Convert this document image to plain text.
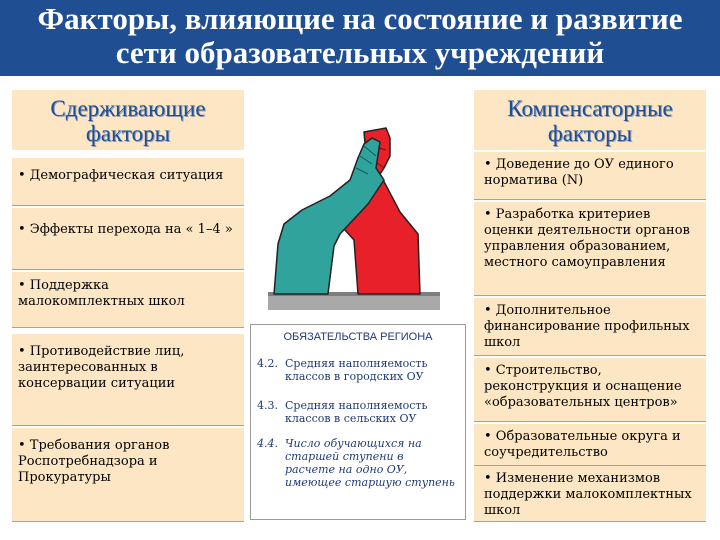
Факторы, влияющие на состояние и развитие
сети образовательных учреждений
Сдерживающие
факторы
• Демографическая ситуация
• Эффекты перехода на « 1–4 »
• Поддержка малокомплектных школ
• Противодействие лиц, заинтересованных в консервации ситуации
• Требования органов Роспотребнадзора и Прокуратуры
Компенсаторные
факторы
• Доведение до ОУ единого норматива (N)
• Разработка критериев оценки деятельности органов управления образованием, местного самоуправления
• Дополнительное финансирование профильных школ
• Строительство, реконструкция и оснащение «образовательных центров»
• Образовательные округа и соучредительство
• Изменение механизмов поддержки малокомплектных школ
ОБЯЗАТЕЛЬСТВА РЕГИОНА
4.2. Средняя наполняемость классов в городских ОУ
4.3. Средняя наполняемость классов в сельских ОУ
4.4. Число обучающихся на старшей ступени в расчете на одно ОУ, имеющее старшую ступень
